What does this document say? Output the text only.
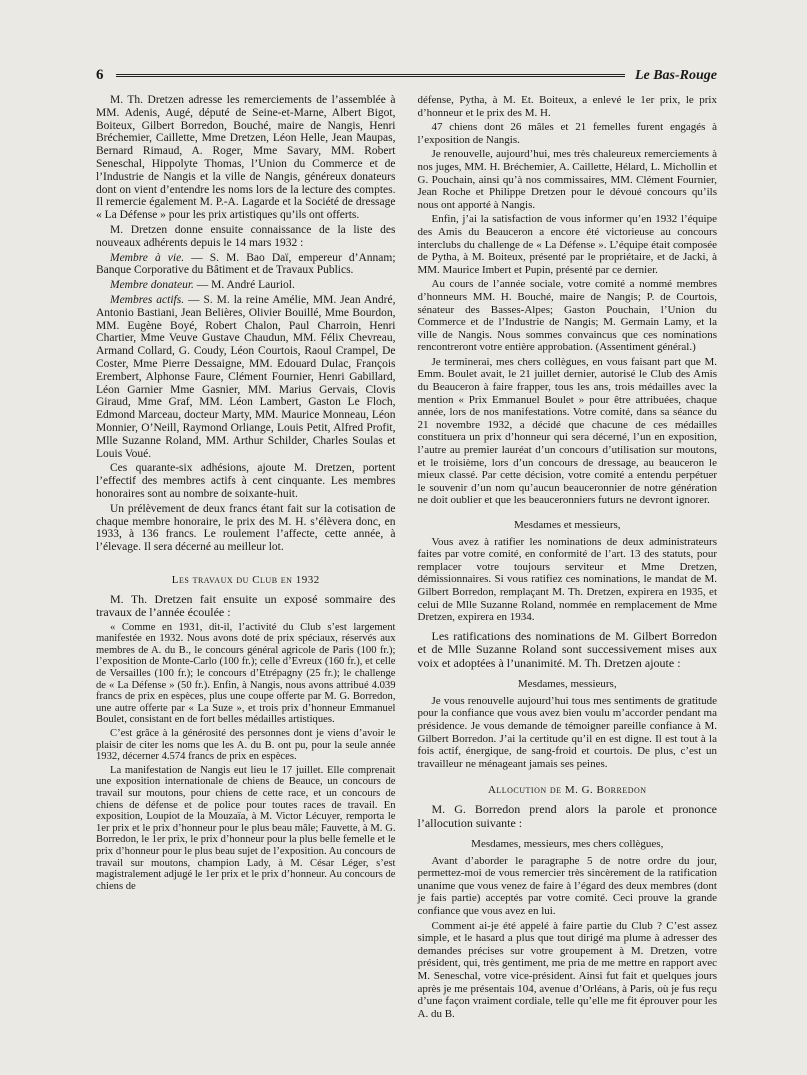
6	Le Bas-Rouge

M. Th. Dretzen adresse les remerciements de l’assemblée à MM. Adenis, Augé, député de Seine-et-Marne, Albert Bigot, Boiteux, Gilbert Borredon, Bouché, maire de Nangis, Henri Bréchemier, Caillette, Mme Dretzen, Léon Helle, Jean Maupas, Bernard Rimaud, A. Roger, Mme Savary, MM. Robert Seneschal, Hippolyte Thomas, l’Union du Commerce et de l’Industrie de Nangis et la ville de Nangis, généreux donateurs dont on vient d’entendre les noms lors de la lecture des comptes. Il remercie également M. P.-A. Lagarde et la Société de dressage « La Défense » pour les prix artistiques qu’ils ont offerts.

M. Dretzen donne ensuite connaissance de la liste des nouveaux adhérents depuis le 14 mars 1932 :

Membre à vie. — S. M. Bao Daï, empereur d’Annam; Banque Corporative du Bâtiment et de Travaux Publics.

Membre donateur. — M. André Lauriol.

Membres actifs. — S. M. la reine Amélie, MM. Jean André, Antonio Bastiani, Jean Belières, Olivier Bouillé, Mme Bourdon, MM. Eugène Boyé, Robert Chalon, Paul Charroin, Henri Chartier, Mme Veuve Gustave Chaudun, MM. Félix Chevreau, Armand Collard, G. Coudy, Léon Courtois, Raoul Crampel, De Coster, Mme Pierre Dessaigne, MM. Edouard Dulac, François Erembert, Alphonse Faure, Clément Fournier, Henri Gabillard, Léon Garnier Mme Gasnier, MM. Marius Gervais, Clovis Giraud, Mme Graf, MM. Léon Lambert, Gaston Le Floch, Edmond Marceau, docteur Marty, MM. Maurice Monneau, Léon Monnier, O’Neill, Raymond Orliange, Louis Petit, Alfred Profit, Mlle Suzanne Roland, MM. Arthur Schilder, Charles Soulas et Louis Voué.

Ces quarante-six adhésions, ajoute M. Dretzen, portent l’effectif des membres actifs à cent cinquante. Les membres honoraires sont au nombre de soixante-huit.

Un prélèvement de deux francs étant fait sur la cotisation de chaque membre honoraire, le prix des M. H. s’élèvera donc, en 1933, à 136 francs. Le roulement l’affecte, cette année, à l’élevage. Il sera décerné au meilleur lot.

Les travaux du Club en 1932

M. Th. Dretzen fait ensuite un exposé sommaire des travaux de l’année écoulée :

« Comme en 1931, dit-il, l’activité du Club s’est largement manifestée en 1932. Nous avons doté de prix spéciaux, réservés aux membres de A. du B., le concours général agricole de Paris (100 fr.); l’exposition de Monte-Carlo (100 fr.); celle d’Evreux (160 fr.), et celle de Versailles (100 fr.); le concours d’Etrépagny (25 fr.); le challenge de « La Défense » (50 fr.). Enfin, à Nangis, nous avons attribué 4.039 francs de prix en espèces, plus une coupe offerte par M. G. Borredon, une autre offerte par « La Suze », et trois prix d’honneur Emmanuel Boulet, consistant en de fort belles médailles artistiques.

C’est grâce à la générosité des personnes dont je viens d’avoir le plaisir de citer les noms que les A. du B. ont pu, pour la seule année 1932, décerner 4.574 francs de prix en espèces.

La manifestation de Nangis eut lieu le 17 juillet. Elle comprenait une exposition internationale de chiens de Beauce, un concours de travail sur moutons, pour chiens de cette race, et un concours de chiens de défense et de police pour toutes races de travail. En exposition, Loupiot de la Mouzaïa, à M. Victor Lécuyer, remporta le 1er prix et le prix d’honneur pour le plus beau mâle; Fauvette, à M. G. Borredon, le 1er prix, le prix d’honneur pour la plus belle femelle et le prix d’honneur pour le plus beau sujet de l’exposition. Au concours de travail sur moutons, champion Lady, à M. César Léger, s’est magistralement adjugé le 1er prix et le prix d’honneur. Au concours de chiens de

défense, Pytha, à M. Et. Boiteux, a enlevé le 1er prix, le prix d’honneur et le prix des M. H.

47 chiens dont 26 mâles et 21 femelles furent engagés à l’exposition de Nangis.

Je renouvelle, aujourd’hui, mes très chaleureux remerciements à nos juges, MM. H. Bréchemier, A. Caillette, Hélard, L. Michollin et G. Pouchain, ainsi qu’à nos commissaires, MM. Clément Fournier, Jean Roche et Philippe Dretzen pour le dévoué concours qu’ils nous ont apporté à Nangis.

Enfin, j’ai la satisfaction de vous informer qu’en 1932 l’équipe des Amis du Beauceron a encore été victorieuse au concours interclubs du challenge de « La Défense ». L’équipe était composée de Pytha, à M. Boiteux, présenté par le propriétaire, et de Jacki, à MM. Maurice Imbert et Pupin, présenté par ce dernier.

Au cours de l’année sociale, votre comité a nommé membres d’honneurs MM. H. Bouché, maire de Nangis; P. de Courtois, sénateur des Basses-Alpes; Gaston Pouchain, l’Union du Commerce et de l’Industrie de Nangis; M. Germain Lamy, et la ville de Nangis. Nous sommes convaincus que ces nominations rencontreront votre entière approbation. (Assentiment général.)

Je terminerai, mes chers collègues, en vous faisant part que M. Emm. Boulet avait, le 21 juillet dernier, autorisé le Club des Amis du Beauceron à faire frapper, tous les ans, trois médailles avec la mention « Prix Emmanuel Boulet » pour être attribuées, chaque année, lors de nos manifestations. Votre comité, dans sa séance du 21 novembre 1932, a décidé que chacune de ces médailles constituera un prix d’honneur qui sera décerné, l’un en exposition, l’autre au premier lauréat d’un concours d’utilisation sur moutons, et le troisième, lors d’un concours de dressage, au beauceron le mieux classé. Par cette décision, votre comité a entendu perpétuer le souvenir d’un nom qu’aucun beauceronnier de notre génération ne doit oublier et que les beauceronniers futurs ne devront ignorer.

Mesdames et messieurs,

Vous avez à ratifier les nominations de deux administrateurs faites par votre comité, en conformité de l’art. 13 des statuts, pour remplacer votre toujours serviteur et Mme Dretzen, démissionnaires. Si vous ratifiez ces nominations, le mandat de M. Gilbert Borredon, remplaçant M. Th. Dretzen, expirera en 1935, et celui de Mlle Suzanne Roland, nommée en remplacement de Mme Dretzen, expirera en 1934.

Les ratifications des nominations de M. Gilbert Borredon et de Mlle Suzanne Roland sont successivement mises aux voix et adoptées à l’unanimité. M. Th. Dretzen ajoute :

Mesdames, messieurs,

Je vous renouvelle aujourd’hui tous mes sentiments de gratitude pour la confiance que vous avez bien voulu m’accorder pendant ma présidence. Je vous demande de témoigner pareille confiance à M. Gilbert Borredon. J’ai la certitude qu’il en est digne. Il est tout à la fois actif, énergique, de sang-froid et courtois. De plus, c’est un travailleur ne ménageant jamais ses peines.

Allocution de M. G. Borredon

M. G. Borredon prend alors la parole et prononce l’allocution suivante :

Mesdames, messieurs, mes chers collègues,

Avant d’aborder le paragraphe 5 de notre ordre du jour, permettez-moi de vous remercier très sincèrement de la ratification unanime que vous venez de faire à l’égard des deux membres (dont je fais partie) acceptés par votre comité. Ceci prouve la grande confiance que vous avez en lui.

Comment ai-je été appelé à faire partie du Club ? C’est assez simple, et le hasard a plus que tout dirigé ma plume à adresser des demandes précises sur votre groupement à M. Dretzen, votre président, qui, très gentiment, me pria de me mettre en rapport avec M. Seneschal, votre vice-président. Ainsi fut fait et quelques jours après je me présentais 104, avenue d’Orléans, à Paris, où je fus reçu d’une façon vraiment cordiale, telle qu’elle me fit éprouver pour les A. du B.
